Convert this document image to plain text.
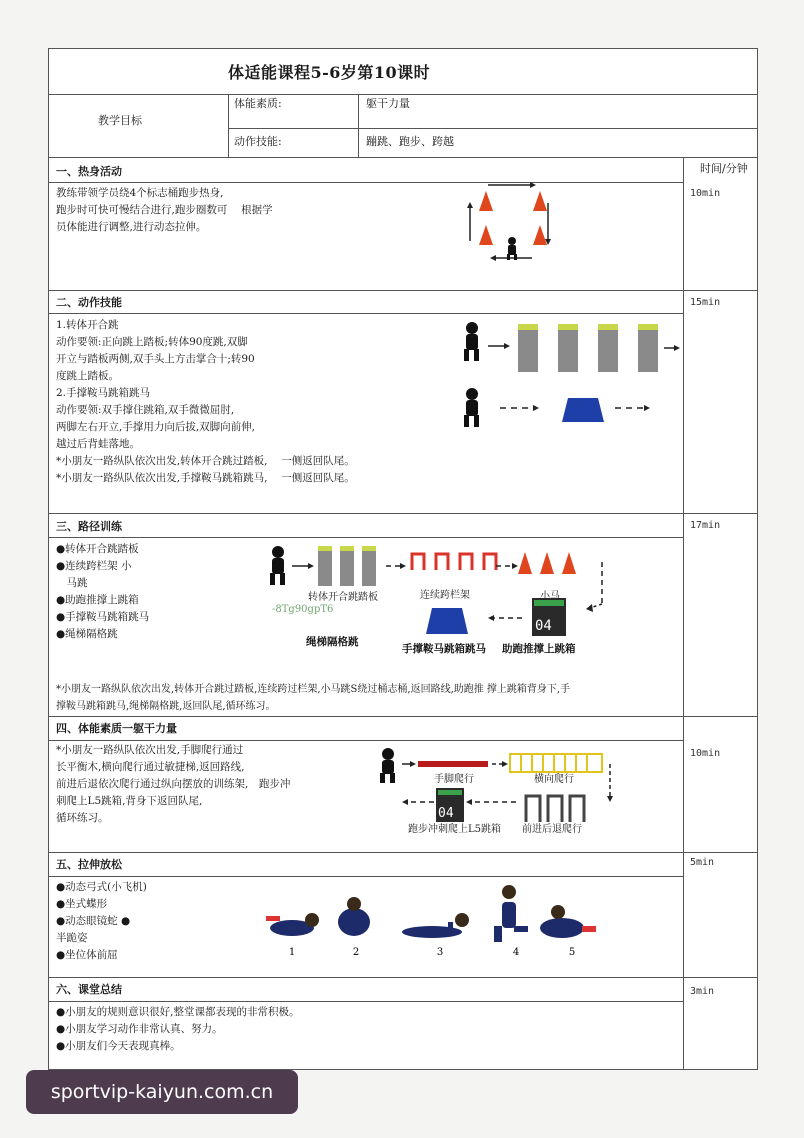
体适能课程5-6岁第10课时
教学目标
体能素质:	躯干力量
动作技能:	蹦跳、跑步、跨越
时间/分钟
一、热身活动
10min
教练带领学员绕4个标志桶跑步热身,
跑步时可快可慢结合进行,跑步圈数可　 根据学
员体能进行调整,进行动态拉伸。
二、动作技能	15min
1.转体开合跳
动作要领:正向跳上踏板;转体90度跳,双脚
开立与踏板两侧,双手头上方击掌合十;转90
度跳上踏板。
2.手撑鞍马跳箱跳马
动作要领:双手撑住跳箱,双手微微屈肘,
两脚左右开立,手撑用力向后拔,双脚向前伸,
越过后背蛙落地。
*小朋友一路纵队依次出发,转体开合跳过踏板,　 一侧返回队尾。
*小朋友一路纵队依次出发,手撑鞍马跳箱跳马,　 一侧返回队尾。
三、路径训练	17min
●转体开合跳踏板
●连续跨栏架 小
　马跳
●助跑推撑上跳箱
●手撑鞍马跳箱跳马
●绳梯隔格跳	04
转体开合跳踏板	连续跨栏架	小马
-8Tg90gpT6
绳梯隔格跳
手撑鞍马跳箱跳马 助跑推撑上跳箱
*小朋友一路纵队依次出发,转体开合跳过踏板,连续跨过栏架,小马跳S绕过桶志桶,返回路线,助跑推 撑上跳箱背身下,手
撑鞍马跳箱跳马,绳梯隔格跳,返回队尾,循环练习。
四、体能素质一躯干力量
10min
*小朋友一路纵队依次出发,手脚爬行通过
长平衡木,横向爬行通过敏捷梯,返回路线,
前进后退依次爬行通过纵向摆放的训练架,　跑步冲
刺爬上L5跳箱,背身下返回队尾,
循环练习。	04
手脚爬行	横向爬行
跑步冲刺爬上L5跳箱 前进后退爬行
五、拉伸放松	5min
●动态弓式(小飞机)
●坐式蝶形
●动态眼镜蛇 ●
半跪姿
●坐位体前屈	1	2	3	4	5
六、课堂总结	3min
●小朋友的规则意识很好,整堂课都表现的非常积极。
●小朋友学习动作非常认真、努力。
●小朋友们今天表现真棒。
sportvip-kaiyun.com.cn
